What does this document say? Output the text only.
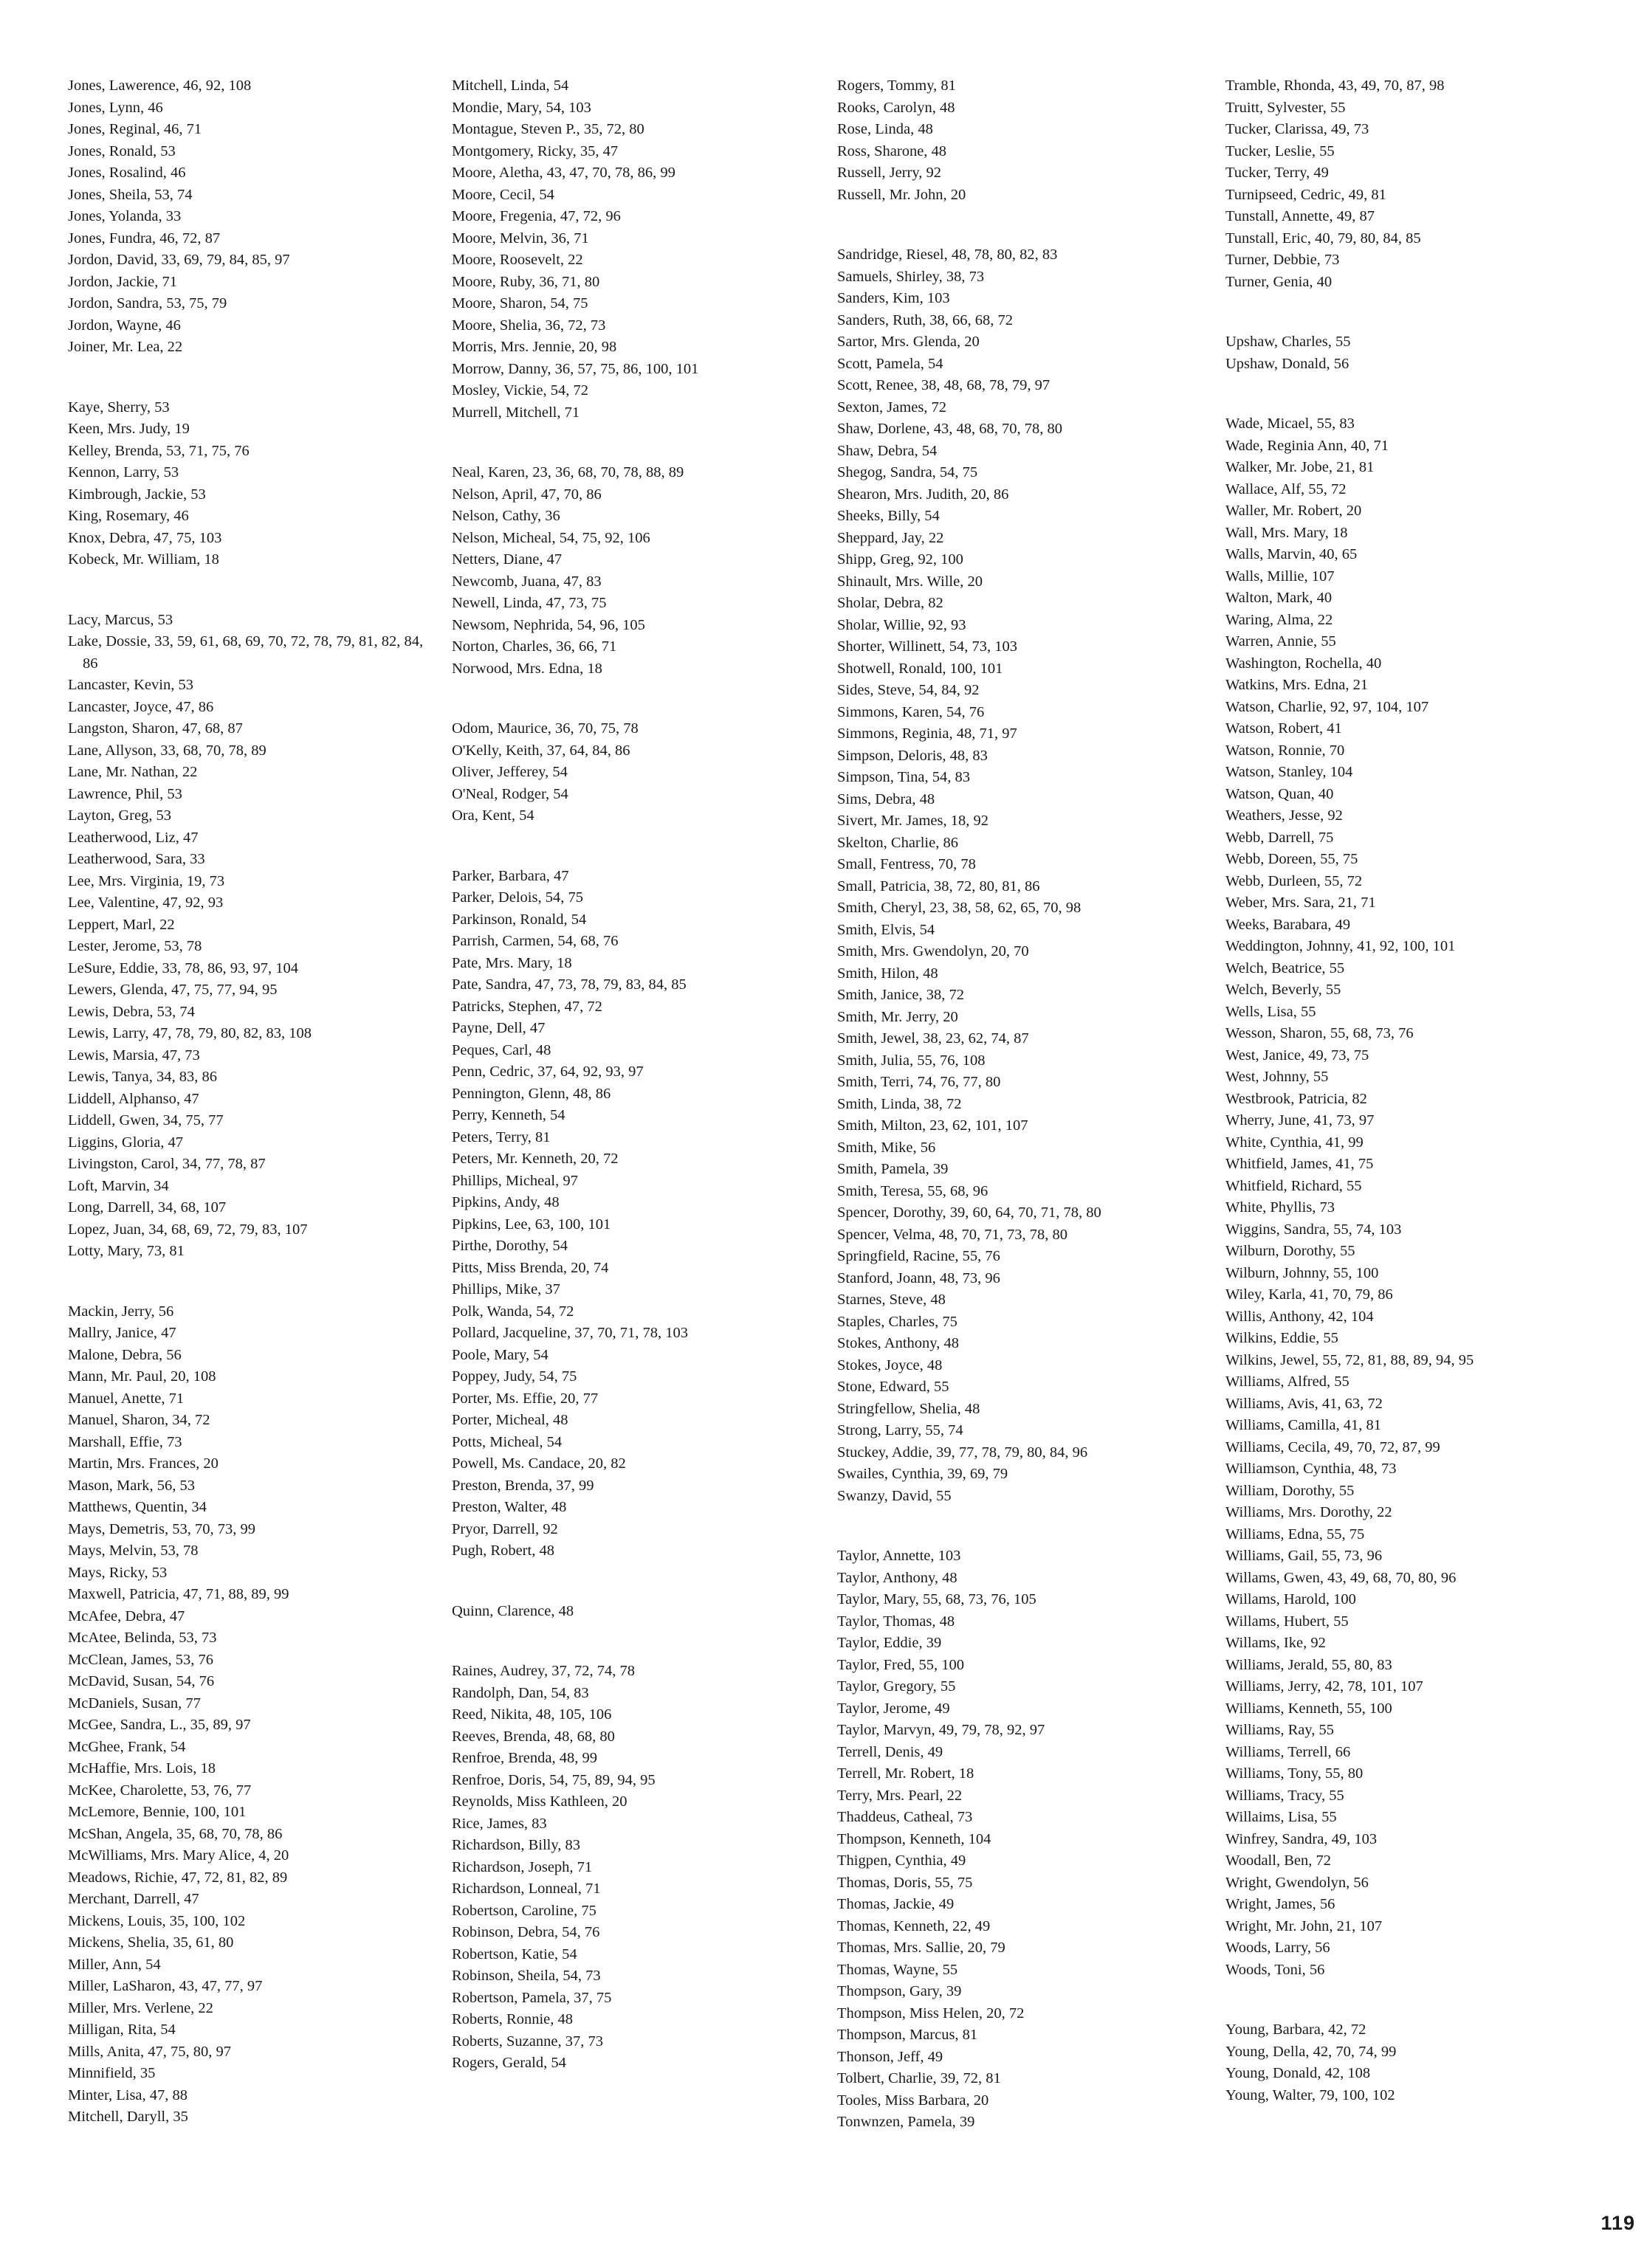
Jones, Lawerence, 46, 92, 108
Jones, Lynn, 46
Jones, Reginal, 46, 71
Jones, Ronald, 53
Jones, Rosalind, 46
Jones, Sheila, 53, 74
Jones, Yolanda, 33
Jones, Fundra, 46, 72, 87
Jordon, David, 33, 69, 79, 84, 85, 97
Jordon, Jackie, 71
Jordon, Sandra, 53, 75, 79
Jordon, Wayne, 46
Joiner, Mr. Lea, 22
Kaye, Sherry, 53
Keen, Mrs. Judy, 19
Kelley, Brenda, 53, 71, 75, 76
Kennon, Larry, 53
Kimbrough, Jackie, 53
King, Rosemary, 46
Knox, Debra, 47, 75, 103
Kobeck, Mr. William, 18
Lacy, Marcus, 53
Lake, Dossie, 33, 59, 61, 68, 69, 70, 72, 78, 79, 81, 82, 84, 86
Lancaster, Kevin, 53
Lancaster, Joyce, 47, 86
Langston, Sharon, 47, 68, 87
Lane, Allyson, 33, 68, 70, 78, 89
Lane, Mr. Nathan, 22
Lawrence, Phil, 53
Layton, Greg, 53
Leatherwood, Liz, 47
Leatherwood, Sara, 33
Lee, Mrs. Virginia, 19, 73
Lee, Valentine, 47, 92, 93
Leppert, Marl, 22
Lester, Jerome, 53, 78
LeSure, Eddie, 33, 78, 86, 93, 97, 104
Lewers, Glenda, 47, 75, 77, 94, 95
Lewis, Debra, 53, 74
Lewis, Larry, 47, 78, 79, 80, 82, 83, 108
Lewis, Marsia, 47, 73
Lewis, Tanya, 34, 83, 86
Liddell, Alphanso, 47
Liddell, Gwen, 34, 75, 77
Liggins, Gloria, 47
Livingston, Carol, 34, 77, 78, 87
Loft, Marvin, 34
Long, Darrell, 34, 68, 107
Lopez, Juan, 34, 68, 69, 72, 79, 83, 107
Lotty, Mary, 73, 81
Mackin, Jerry, 56
Mallry, Janice, 47
Malone, Debra, 56
Mann, Mr. Paul, 20, 108
Manuel, Anette, 71
Manuel, Sharon, 34, 72
Marshall, Effie, 73
Martin, Mrs. Frances, 20
Mason, Mark, 56, 53
Matthews, Quentin, 34
Mays, Demetris, 53, 70, 73, 99
Mays, Melvin, 53, 78
Mays, Ricky, 53
Maxwell, Patricia, 47, 71, 88, 89, 99
McAfee, Debra, 47
McAtee, Belinda, 53, 73
McClean, James, 53, 76
McDavid, Susan, 54, 76
McDaniels, Susan, 77
McGee, Sandra, L., 35, 89, 97
McGhee, Frank, 54
McHaffie, Mrs. Lois, 18
McKee, Charolette, 53, 76, 77
McLemore, Bennie, 100, 101
McShan, Angela, 35, 68, 70, 78, 86
McWilliams, Mrs. Mary Alice, 4, 20
Meadows, Richie, 47, 72, 81, 82, 89
Merchant, Darrell, 47
Mickens, Louis, 35, 100, 102
Mickens, Shelia, 35, 61, 80
Miller, Ann, 54
Miller, LaSharon, 43, 47, 77, 97
Miller, Mrs. Verlene, 22
Milligan, Rita, 54
Mills, Anita, 47, 75, 80, 97
Minnifield, 35
Minter, Lisa, 47, 88
Mitchell, Daryll, 35
Mitchell, Linda, 54
Mondie, Mary, 54, 103
Montague, Steven P., 35, 72, 80
Montgomery, Ricky, 35, 47
Moore, Aletha, 43, 47, 70, 78, 86, 99
Moore, Cecil, 54
Moore, Fregenia, 47, 72, 96
Moore, Melvin, 36, 71
Moore, Roosevelt, 22
Moore, Ruby, 36, 71, 80
Moore, Sharon, 54, 75
Moore, Shelia, 36, 72, 73
Morris, Mrs. Jennie, 20, 98
Morrow, Danny, 36, 57, 75, 86, 100, 101
Mosley, Vickie, 54, 72
Murrell, Mitchell, 71
Neal, Karen, 23, 36, 68, 70, 78, 88, 89
Nelson, April, 47, 70, 86
Nelson, Cathy, 36
Nelson, Micheal, 54, 75, 92, 106
Netters, Diane, 47
Newcomb, Juana, 47, 83
Newell, Linda, 47, 73, 75
Newsom, Nephrida, 54, 96, 105
Norton, Charles, 36, 66, 71
Norwood, Mrs. Edna, 18
Odom, Maurice, 36, 70, 75, 78
O'Kelly, Keith, 37, 64, 84, 86
Oliver, Jefferey, 54
O'Neal, Rodger, 54
Ora, Kent, 54
Parker, Barbara, 47
Parker, Delois, 54, 75
Parkinson, Ronald, 54
Parrish, Carmen, 54, 68, 76
Pate, Mrs. Mary, 18
Pate, Sandra, 47, 73, 78, 79, 83, 84, 85
Patricks, Stephen, 47, 72
Payne, Dell, 47
Peques, Carl, 48
Penn, Cedric, 37, 64, 92, 93, 97
Pennington, Glenn, 48, 86
Perry, Kenneth, 54
Peters, Terry, 81
Peters, Mr. Kenneth, 20, 72
Phillips, Micheal, 97
Pipkins, Andy, 48
Pipkins, Lee, 63, 100, 101
Pirthe, Dorothy, 54
Pitts, Miss Brenda, 20, 74
Phillips, Mike, 37
Polk, Wanda, 54, 72
Pollard, Jacqueline, 37, 70, 71, 78, 103
Poole, Mary, 54
Poppey, Judy, 54, 75
Porter, Ms. Effie, 20, 77
Porter, Micheal, 48
Potts, Micheal, 54
Powell, Ms. Candace, 20, 82
Preston, Brenda, 37, 99
Preston, Walter, 48
Pryor, Darrell, 92
Pugh, Robert, 48
Quinn, Clarence, 48
Raines, Audrey, 37, 72, 74, 78
Randolph, Dan, 54, 83
Reed, Nikita, 48, 105, 106
Reeves, Brenda, 48, 68, 80
Renfroe, Brenda, 48, 99
Renfroe, Doris, 54, 75, 89, 94, 95
Reynolds, Miss Kathleen, 20
Rice, James, 83
Richardson, Billy, 83
Richardson, Joseph, 71
Richardson, Lonneal, 71
Robertson, Caroline, 75
Robinson, Debra, 54, 76
Robertson, Katie, 54
Robinson, Sheila, 54, 73
Robertson, Pamela, 37, 75
Roberts, Ronnie, 48
Roberts, Suzanne, 37, 73
Rogers, Gerald, 54
Rogers, Tommy, 81
Rooks, Carolyn, 48
Rose, Linda, 48
Ross, Sharone, 48
Russell, Jerry, 92
Russell, Mr. John, 20
Sandridge, Riesel, 48, 78, 80, 82, 83
Samuels, Shirley, 38, 73
Sanders, Kim, 103
Sanders, Ruth, 38, 66, 68, 72
Sartor, Mrs. Glenda, 20
Scott, Pamela, 54
Scott, Renee, 38, 48, 68, 78, 79, 97
Sexton, James, 72
Shaw, Dorlene, 43, 48, 68, 70, 78, 80
Shaw, Debra, 54
Shegog, Sandra, 54, 75
Shearon, Mrs. Judith, 20, 86
Sheeks, Billy, 54
Sheppard, Jay, 22
Shipp, Greg, 92, 100
Shinault, Mrs. Wille, 20
Sholar, Debra, 82
Sholar, Willie, 92, 93
Shorter, Willinett, 54, 73, 103
Shotwell, Ronald, 100, 101
Sides, Steve, 54, 84, 92
Simmons, Karen, 54, 76
Simmons, Reginia, 48, 71, 97
Simpson, Deloris, 48, 83
Simpson, Tina, 54, 83
Sims, Debra, 48
Sivert, Mr. James, 18, 92
Skelton, Charlie, 86
Small, Fentress, 70, 78
Small, Patricia, 38, 72, 80, 81, 86
Smith, Cheryl, 23, 38, 58, 62, 65, 70, 98
Smith, Elvis, 54
Smith, Mrs. Gwendolyn, 20, 70
Smith, Hilon, 48
Smith, Janice, 38, 72
Smith, Mr. Jerry, 20
Smith, Jewel, 38, 23, 62, 74, 87
Smith, Julia, 55, 76, 108
Smith, Terri, 74, 76, 77, 80
Smith, Linda, 38, 72
Smith, Milton, 23, 62, 101, 107
Smith, Mike, 56
Smith, Pamela, 39
Smith, Teresa, 55, 68, 96
Spencer, Dorothy, 39, 60, 64, 70, 71, 78, 80
Spencer, Velma, 48, 70, 71, 73, 78, 80
Springfield, Racine, 55, 76
Stanford, Joann, 48, 73, 96
Starnes, Steve, 48
Staples, Charles, 75
Stokes, Anthony, 48
Stokes, Joyce, 48
Stone, Edward, 55
Stringfellow, Shelia, 48
Strong, Larry, 55, 74
Stuckey, Addie, 39, 77, 78, 79, 80, 84, 96
Swailes, Cynthia, 39, 69, 79
Swanzy, David, 55
Taylor, Annette, 103
Taylor, Anthony, 48
Taylor, Mary, 55, 68, 73, 76, 105
Taylor, Thomas, 48
Taylor, Eddie, 39
Taylor, Fred, 55, 100
Taylor, Gregory, 55
Taylor, Jerome, 49
Taylor, Marvyn, 49, 79, 78, 92, 97
Terrell, Denis, 49
Terrell, Mr. Robert, 18
Terry, Mrs. Pearl, 22
Thaddeus, Catheal, 73
Thompson, Kenneth, 104
Thigpen, Cynthia, 49
Thomas, Doris, 55, 75
Thomas, Jackie, 49
Thomas, Kenneth, 22, 49
Thomas, Mrs. Sallie, 20, 79
Thomas, Wayne, 55
Thompson, Gary, 39
Thompson, Miss Helen, 20, 72
Thompson, Marcus, 81
Thonson, Jeff, 49
Tolbert, Charlie, 39, 72, 81
Tooles, Miss Barbara, 20
Tonwnzen, Pamela, 39
Tramble, Rhonda, 43, 49, 70, 87, 98
Truitt, Sylvester, 55
Tucker, Clarissa, 49, 73
Tucker, Leslie, 55
Tucker, Terry, 49
Turnipseed, Cedric, 49, 81
Tunstall, Annette, 49, 87
Tunstall, Eric, 40, 79, 80, 84, 85
Turner, Debbie, 73
Turner, Genia, 40
Upshaw, Charles, 55
Upshaw, Donald, 56
Wade, Micael, 55, 83
Wade, Reginia Ann, 40, 71
Walker, Mr. Jobe, 21, 81
Wallace, Alf, 55, 72
Waller, Mr. Robert, 20
Wall, Mrs. Mary, 18
Walls, Marvin, 40, 65
Walls, Millie, 107
Walton, Mark, 40
Waring, Alma, 22
Warren, Annie, 55
Washington, Rochella, 40
Watkins, Mrs. Edna, 21
Watson, Charlie, 92, 97, 104, 107
Watson, Robert, 41
Watson, Ronnie, 70
Watson, Stanley, 104
Watson, Quan, 40
Weathers, Jesse, 92
Webb, Darrell, 75
Webb, Doreen, 55, 75
Webb, Durleen, 55, 72
Weber, Mrs. Sara, 21, 71
Weeks, Barabara, 49
Weddington, Johnny, 41, 92, 100, 101
Welch, Beatrice, 55
Welch, Beverly, 55
Wells, Lisa, 55
Wesson, Sharon, 55, 68, 73, 76
West, Janice, 49, 73, 75
West, Johnny, 55
Westbrook, Patricia, 82
Wherry, June, 41, 73, 97
White, Cynthia, 41, 99
Whitfield, James, 41, 75
Whitfield, Richard, 55
White, Phyllis, 73
Wiggins, Sandra, 55, 74, 103
Wilburn, Dorothy, 55
Wilburn, Johnny, 55, 100
Wiley, Karla, 41, 70, 79, 86
Willis, Anthony, 42, 104
Wilkins, Eddie, 55
Wilkins, Jewel, 55, 72, 81, 88, 89, 94, 95
Williams, Alfred, 55
Williams, Avis, 41, 63, 72
Williams, Camilla, 41, 81
Williams, Cecila, 49, 70, 72, 87, 99
Williamson, Cynthia, 48, 73
William, Dorothy, 55
Williams, Mrs. Dorothy, 22
Williams, Edna, 55, 75
Williams, Gail, 55, 73, 96
Willams, Gwen, 43, 49, 68, 70, 80, 96
Willams, Harold, 100
Willams, Hubert, 55
Willams, Ike, 92
Williams, Jerald, 55, 80, 83
Williams, Jerry, 42, 78, 101, 107
Williams, Kenneth, 55, 100
Williams, Ray, 55
Williams, Terrell, 66
Williams, Tony, 55, 80
Williams, Tracy, 55
Willaims, Lisa, 55
Winfrey, Sandra, 49, 103
Woodall, Ben, 72
Wright, Gwendolyn, 56
Wright, James, 56
Wright, Mr. John, 21, 107
Woods, Larry, 56
Woods, Toni, 56
Young, Barbara, 42, 72
Young, Della, 42, 70, 74, 99
Young, Donald, 42, 108
Young, Walter, 79, 100, 102
119
